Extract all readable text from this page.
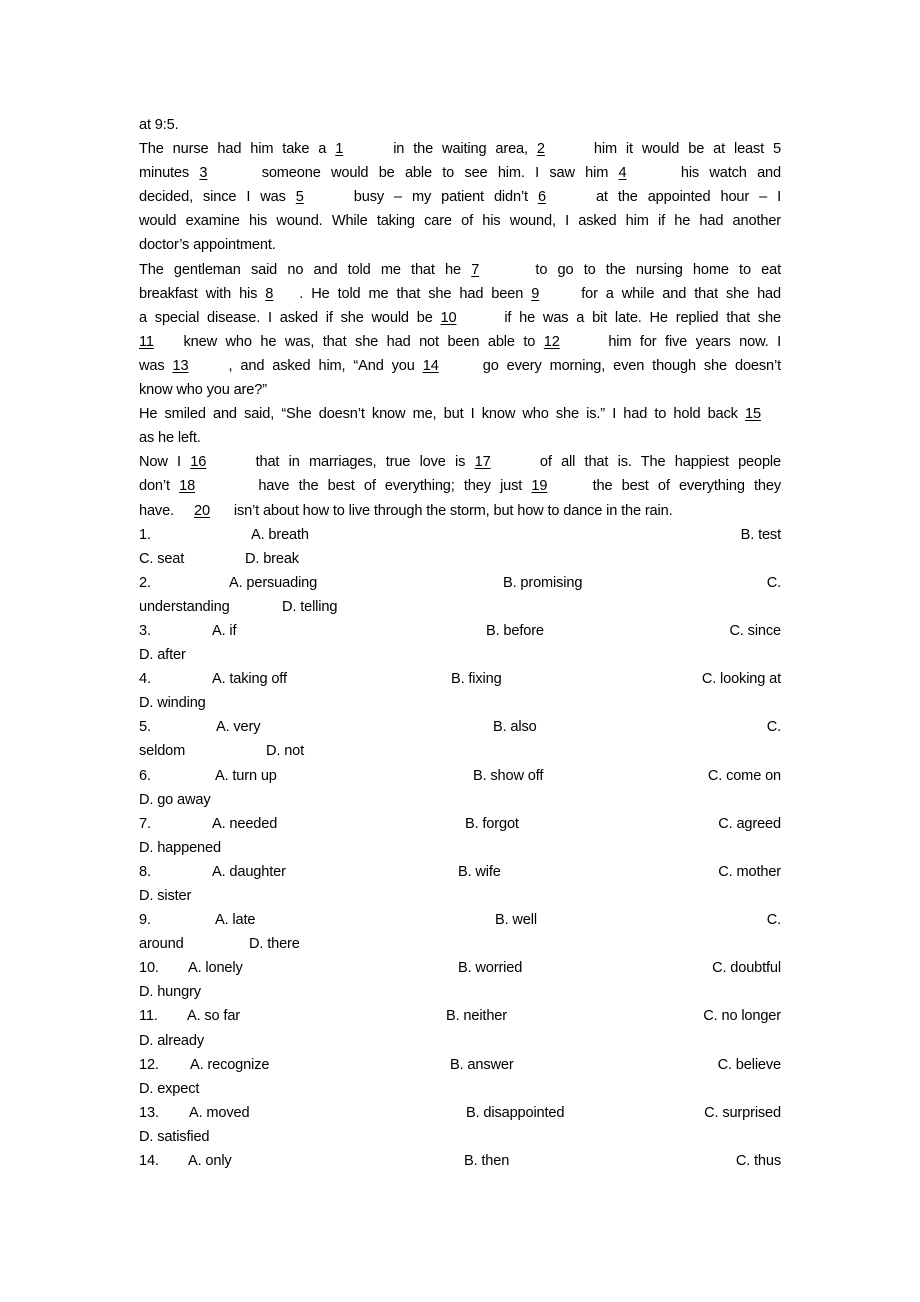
at 9:5.
The nurse had him take a 1	in the waiting area, 2	him it would be at least 5
minutes 3	someone would be able to see him. I saw him 4	his watch and
decided, since I was 5	busy – my patient didn’t 6	at the appointed hour – I
would examine his wound. While taking care of his wound, I asked him if he had another
doctor’s appointment.
The gentleman said no and told me that he 7	to go to the nursing home to eat
breakfast with his 8 . He told me that she had been 9 for a while and that she had
a special disease. I asked if she would be 10	if he was a bit late. He replied that she
11 knew who he was, that she had not been able to 12	him for five years now. I
was 13	, and asked him, “And you 14 go every morning, even though she doesn’t
know who you are?”
He smiled and said, “She doesn’t know me, but I know who she is.” I had to hold back 15
as he left.
Now I 16	that in marriages, true love is 17	of all that is. The happiest people
don’t 18	have the best of everything; they just 19 the best of everything they
have. 20 isn’t about how to live through the storm, but how to dance in the rain.
1.	A. breath	B. test
C. seat	D. break
2.	A. persuading	B. promising	C.
understanding	D. telling
3.	A. if	B. before	C. since
D. after
4.	A. taking off	B. fixing	C. looking at
D. winding
5.	A. very	B. also	C.
seldom	D. not
6.	A. turn up	B. show off	C. come on
D. go away
7.	A. needed	B. forgot	C. agreed
D. happened
8.	A. daughter	B. wife	C. mother
D. sister
9.	A. late	B. well	C.
around	D. there
10. A. lonely	B. worried	C. doubtful
D. hungry
11. A. so far	B. neither	C. no longer
D. already
12. A. recognize	B. answer	C. believe
D. expect
13. A. moved	B. disappointed	C. surprised
D. satisfied
14. A. only	B. then	C. thus
